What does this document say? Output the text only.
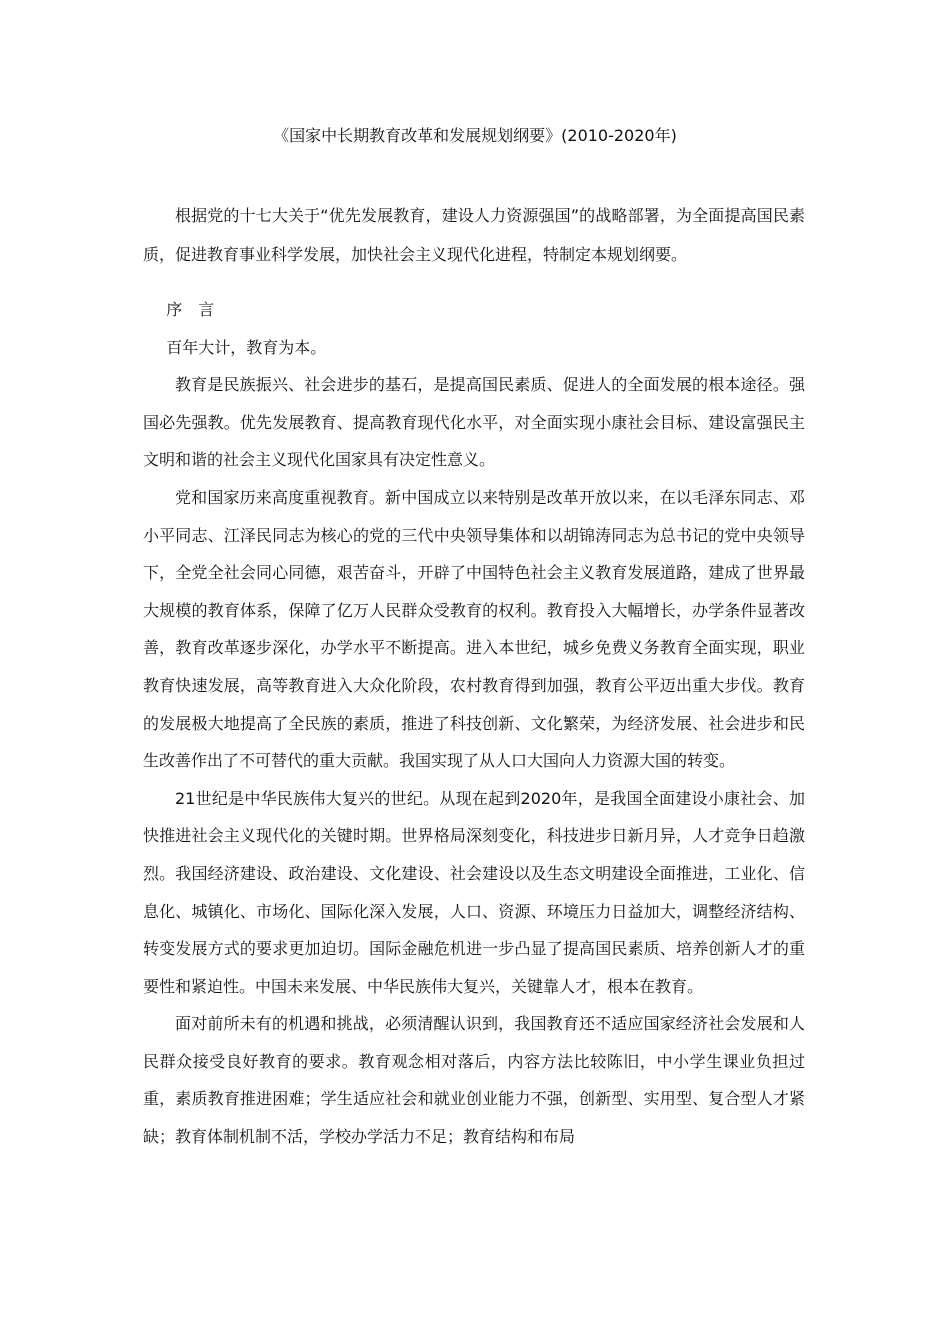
《国家中长期教育改革和发展规划纲要》(2010-2020年)

根据党的十七大关于“优先发展教育，建设人力资源强国”的战略部署，为全面提高国民素质，促进教育事业科学发展，加快社会主义现代化进程，特制定本规划纲要。

序 言

百年大计，教育为本。

教育是民族振兴、社会进步的基石，是提高国民素质、促进人的全面发展的根本途径。强国必先强教。优先发展教育、提高教育现代化水平，对全面实现小康社会目标、建设富强民主文明和谐的社会主义现代化国家具有决定性意义。

党和国家历来高度重视教育。新中国成立以来特别是改革开放以来，在以毛泽东同志、邓小平同志、江泽民同志为核心的党的三代中央领导集体和以胡锦涛同志为总书记的党中央领导下，全党全社会同心同德，艰苦奋斗，开辟了中国特色社会主义教育发展道路，建成了世界最大规模的教育体系，保障了亿万人民群众受教育的权利。教育投入大幅增长，办学条件显著改善，教育改革逐步深化，办学水平不断提高。进入本世纪，城乡免费义务教育全面实现，职业教育快速发展，高等教育进入大众化阶段，农村教育得到加强，教育公平迈出重大步伐。教育的发展极大地提高了全民族的素质，推进了科技创新、文化繁荣，为经济发展、社会进步和民生改善作出了不可替代的重大贡献。我国实现了从人口大国向人力资源大国的转变。

21世纪是中华民族伟大复兴的世纪。从现在起到2020年，是我国全面建设小康社会、加快推进社会主义现代化的关键时期。世界格局深刻变化，科技进步日新月异，人才竞争日趋激烈。我国经济建设、政治建设、文化建设、社会建设以及生态文明建设全面推进，工业化、信息化、城镇化、市场化、国际化深入发展，人口、资源、环境压力日益加大，调整经济结构、转变发展方式的要求更加迫切。国际金融危机进一步凸显了提高国民素质、培养创新人才的重要性和紧迫性。中国未来发展、中华民族伟大复兴，关键靠人才，根本在教育。

面对前所未有的机遇和挑战，必须清醒认识到，我国教育还不适应国家经济社会发展和人民群众接受良好教育的要求。教育观念相对落后，内容方法比较陈旧，中小学生课业负担过重，素质教育推进困难；学生适应社会和就业创业能力不强，创新型、实用型、复合型人才紧缺；教育体制机制不活，学校办学活力不足；教育结构和布局
